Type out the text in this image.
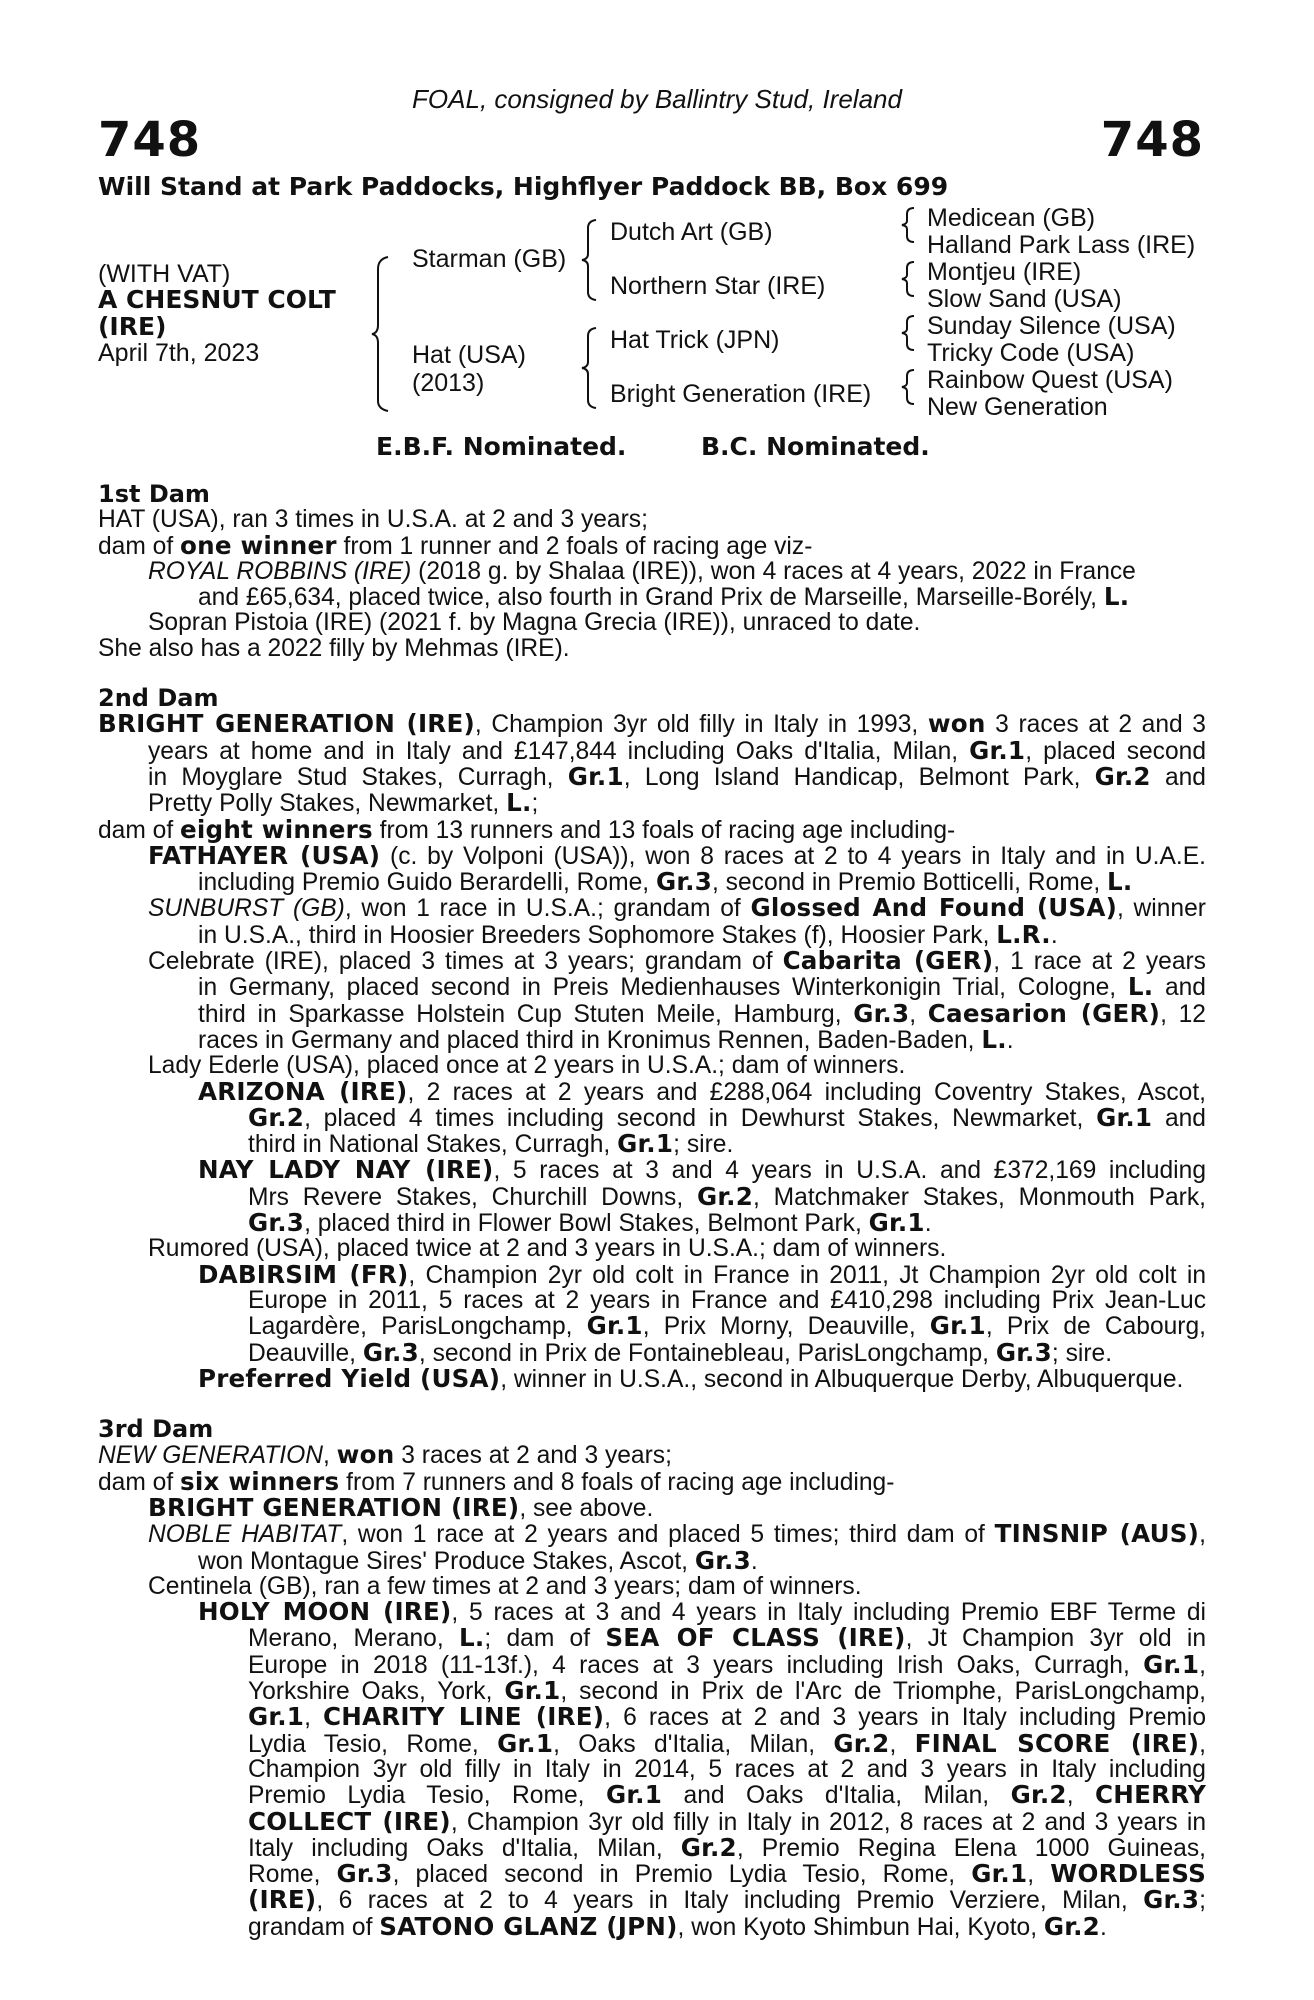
FOAL, consigned by Ballintry Stud, Ireland
748	748
Will Stand at Park Paddocks, Highflyer Paddock BB, Box 699
(WITH VAT)
A CHESNUT COLT
(IRE)
April 7th, 2023
Starman (GB)
Hat (USA)
(2013)
Dutch Art (GB)
Northern Star (IRE)
Hat Trick (JPN)
Bright Generation (IRE)
Medicean (GB)
Halland Park Lass (IRE)
Montjeu (IRE)
Slow Sand (USA)
Sunday Silence (USA)
Tricky Code (USA)
Rainbow Quest (USA)
New Generation
E.B.F. Nominated.	B.C. Nominated.
1st Dam
HAT (USA), ran 3 times in U.S.A. at 2 and 3 years;
dam of one winner from 1 runner and 2 foals of racing age viz-
ROYAL ROBBINS (IRE) (2018 g. by Shalaa (IRE)), won 4 races at 4 years, 2022 in France
and £65,634, placed twice, also fourth in Grand Prix de Marseille, Marseille-Borély, L.
Sopran Pistoia (IRE) (2021 f. by Magna Grecia (IRE)), unraced to date.
She also has a 2022 filly by Mehmas (IRE).
2nd Dam
BRIGHT GENERATION (IRE), Champion 3yr old filly in Italy in 1993, won 3 races at 2 and 3
years at home and in Italy and £147,844 including Oaks d'Italia, Milan, Gr.1, placed second
in Moyglare Stud Stakes, Curragh, Gr.1, Long Island Handicap, Belmont Park, Gr.2 and
Pretty Polly Stakes, Newmarket, L.;
dam of eight winners from 13 runners and 13 foals of racing age including-
FATHAYER (USA) (c. by Volponi (USA)), won 8 races at 2 to 4 years in Italy and in U.A.E.
including Premio Guido Berardelli, Rome, Gr.3, second in Premio Botticelli, Rome, L.
SUNBURST (GB), won 1 race in U.S.A.; grandam of Glossed And Found (USA), winner
in U.S.A., third in Hoosier Breeders Sophomore Stakes (f), Hoosier Park, L.R..
Celebrate (IRE), placed 3 times at 3 years; grandam of Cabarita (GER), 1 race at 2 years
in Germany, placed second in Preis Medienhauses Winterkonigin Trial, Cologne, L. and
third in Sparkasse Holstein Cup Stuten Meile, Hamburg, Gr.3, Caesarion (GER), 12
races in Germany and placed third in Kronimus Rennen, Baden-Baden, L..
Lady Ederle (USA), placed once at 2 years in U.S.A.; dam of winners.
ARIZONA (IRE), 2 races at 2 years and £288,064 including Coventry Stakes, Ascot,
Gr.2, placed 4 times including second in Dewhurst Stakes, Newmarket, Gr.1 and
third in National Stakes, Curragh, Gr.1; sire.
NAY LADY NAY (IRE), 5 races at 3 and 4 years in U.S.A. and £372,169 including
Mrs Revere Stakes, Churchill Downs, Gr.2, Matchmaker Stakes, Monmouth Park,
Gr.3, placed third in Flower Bowl Stakes, Belmont Park, Gr.1.
Rumored (USA), placed twice at 2 and 3 years in U.S.A.; dam of winners.
DABIRSIM (FR), Champion 2yr old colt in France in 2011, Jt Champion 2yr old colt in
Europe in 2011, 5 races at 2 years in France and £410,298 including Prix Jean-Luc
Lagardère, ParisLongchamp, Gr.1, Prix Morny, Deauville, Gr.1, Prix de Cabourg,
Deauville, Gr.3, second in Prix de Fontainebleau, ParisLongchamp, Gr.3; sire.
Preferred Yield (USA), winner in U.S.A., second in Albuquerque Derby, Albuquerque.
3rd Dam
NEW GENERATION, won 3 races at 2 and 3 years;
dam of six winners from 7 runners and 8 foals of racing age including-
BRIGHT GENERATION (IRE), see above.
NOBLE HABITAT, won 1 race at 2 years and placed 5 times; third dam of TINSNIP (AUS),
won Montague Sires' Produce Stakes, Ascot, Gr.3.
Centinela (GB), ran a few times at 2 and 3 years; dam of winners.
HOLY MOON (IRE), 5 races at 3 and 4 years in Italy including Premio EBF Terme di
Merano, Merano, L.; dam of SEA OF CLASS (IRE), Jt Champion 3yr old in
Europe in 2018 (11-13f.), 4 races at 3 years including Irish Oaks, Curragh, Gr.1,
Yorkshire Oaks, York, Gr.1, second in Prix de l'Arc de Triomphe, ParisLongchamp,
Gr.1, CHARITY LINE (IRE), 6 races at 2 and 3 years in Italy including Premio
Lydia Tesio, Rome, Gr.1, Oaks d'Italia, Milan, Gr.2, FINAL SCORE (IRE),
Champion 3yr old filly in Italy in 2014, 5 races at 2 and 3 years in Italy including
Premio Lydia Tesio, Rome, Gr.1 and Oaks d'Italia, Milan, Gr.2, CHERRY
COLLECT (IRE), Champion 3yr old filly in Italy in 2012, 8 races at 2 and 3 years in
Italy including Oaks d'Italia, Milan, Gr.2, Premio Regina Elena 1000 Guineas,
Rome, Gr.3, placed second in Premio Lydia Tesio, Rome, Gr.1, WORDLESS
(IRE), 6 races at 2 to 4 years in Italy including Premio Verziere, Milan, Gr.3;
grandam of SATONO GLANZ (JPN), won Kyoto Shimbun Hai, Kyoto, Gr.2.
